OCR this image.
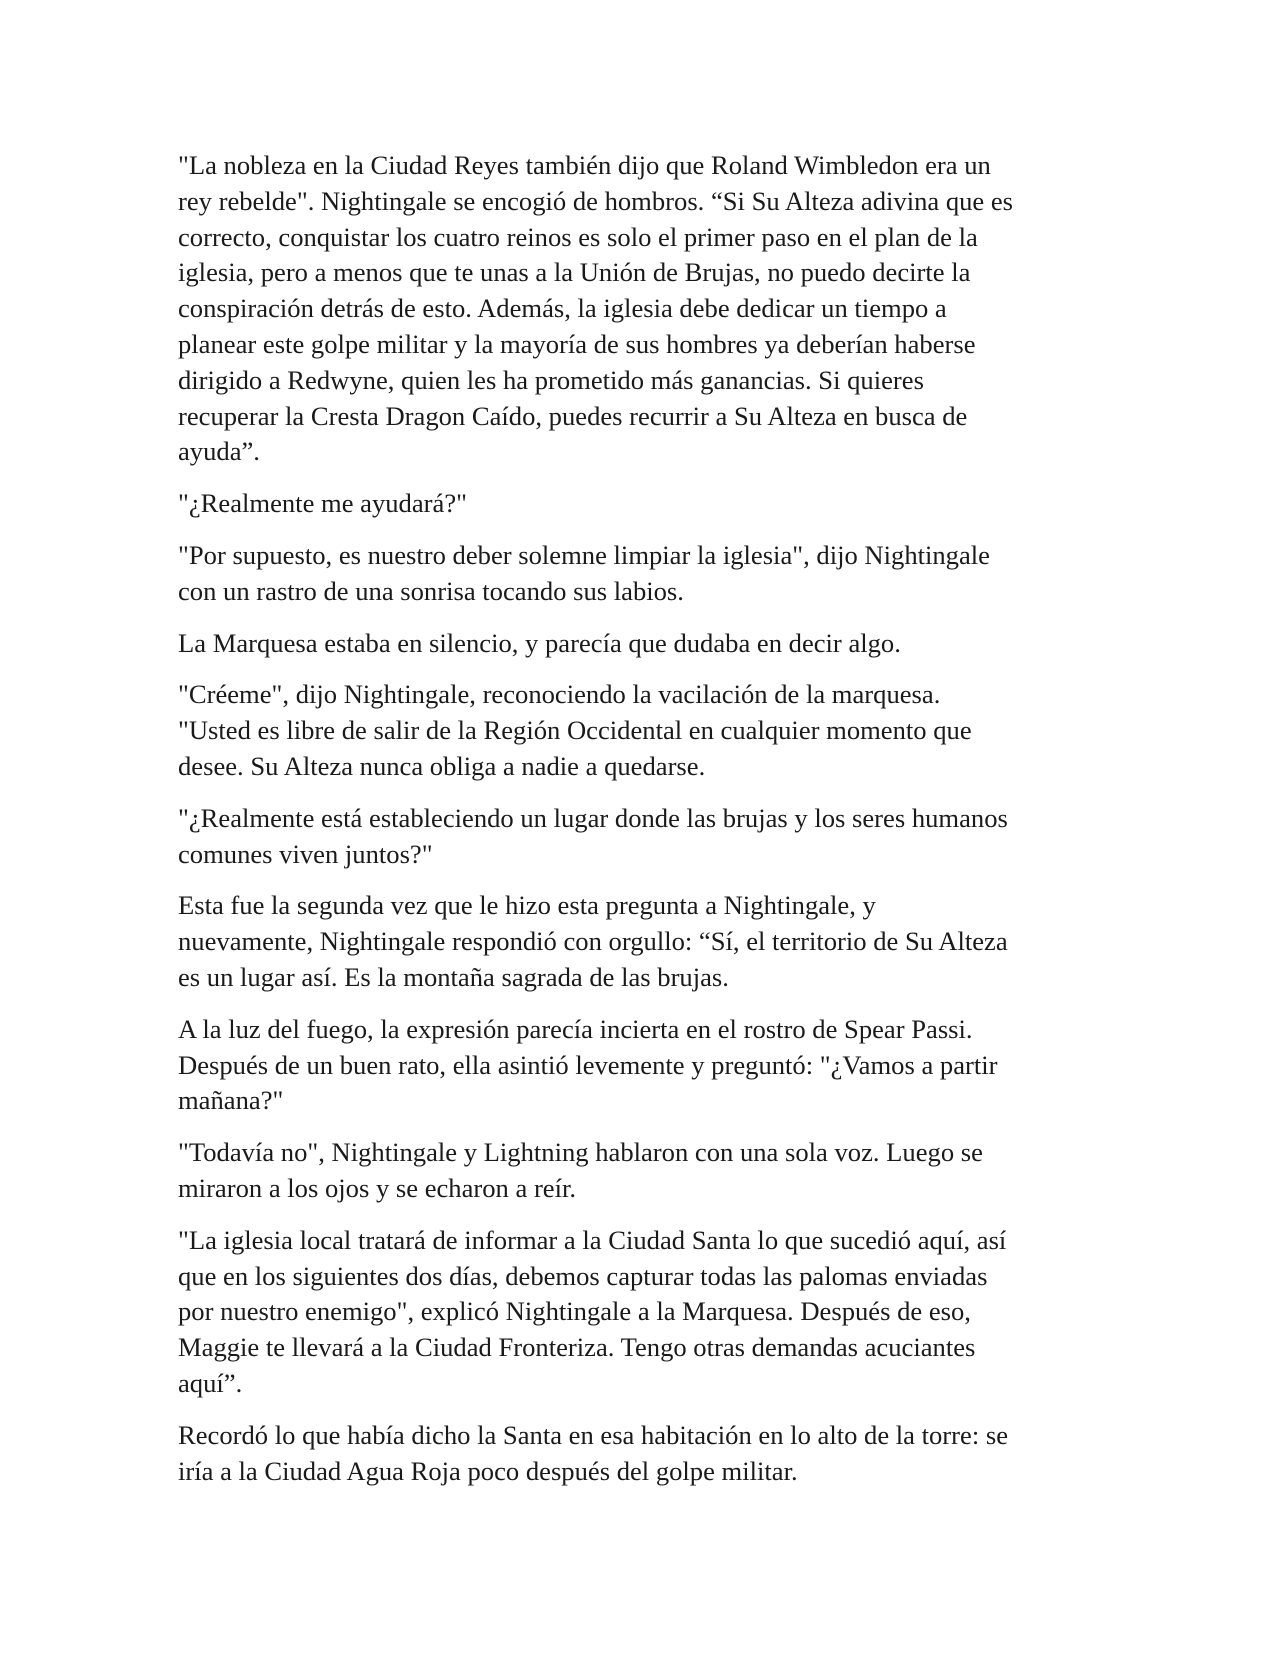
"La nobleza en la Ciudad Reyes también dijo que Roland Wimbledon era un
rey rebelde". Nightingale se encogió de hombros. “Si Su Alteza adivina que es
correcto, conquistar los cuatro reinos es solo el primer paso en el plan de la
iglesia, pero a menos que te unas a la Unión de Brujas, no puedo decirte la
conspiración detrás de esto. Además, la iglesia debe dedicar un tiempo a
planear este golpe militar y la mayoría de sus hombres ya deberían haberse
dirigido a Redwyne, quien les ha prometido más ganancias. Si quieres
recuperar la Cresta Dragon Caído, puedes recurrir a Su Alteza en busca de
ayuda”.

"¿Realmente me ayudará?"

"Por supuesto, es nuestro deber solemne limpiar la iglesia", dijo Nightingale
con un rastro de una sonrisa tocando sus labios.

La Marquesa estaba en silencio, y parecía que dudaba en decir algo.

"Créeme", dijo Nightingale, reconociendo la vacilación de la marquesa.
"Usted es libre de salir de la Región Occidental en cualquier momento que
desee. Su Alteza nunca obliga a nadie a quedarse.

"¿Realmente está estableciendo un lugar donde las brujas y los seres humanos
comunes viven juntos?"

Esta fue la segunda vez que le hizo esta pregunta a Nightingale, y
nuevamente, Nightingale respondió con orgullo: “Sí, el territorio de Su Alteza
es un lugar así. Es la montaña sagrada de las brujas.

A la luz del fuego, la expresión parecía incierta en el rostro de Spear Passi.
Después de un buen rato, ella asintió levemente y preguntó: "¿Vamos a partir
mañana?"

"Todavía no", Nightingale y Lightning hablaron con una sola voz. Luego se
miraron a los ojos y se echaron a reír.

"La iglesia local tratará de informar a la Ciudad Santa lo que sucedió aquí, así
que en los siguientes dos días, debemos capturar todas las palomas enviadas
por nuestro enemigo", explicó Nightingale a la Marquesa. Después de eso,
Maggie te llevará a la Ciudad Fronteriza. Tengo otras demandas acuciantes
aquí”.

Recordó lo que había dicho la Santa en esa habitación en lo alto de la torre: se
iría a la Ciudad Agua Roja poco después del golpe militar.
